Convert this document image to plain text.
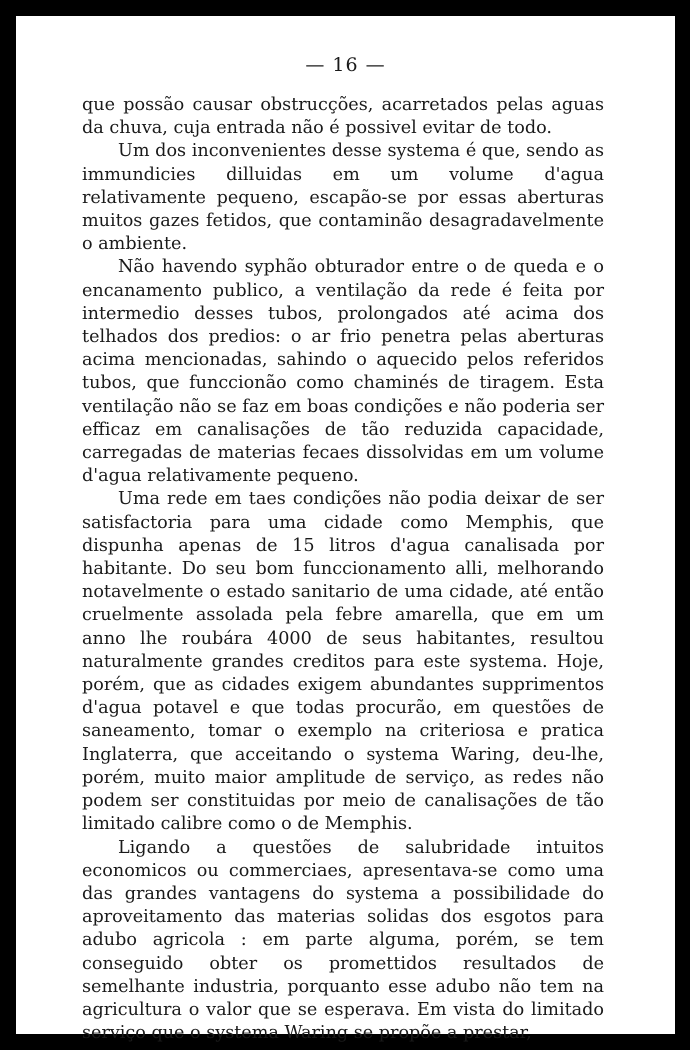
— 16 —

que possão causar obstrucções, acarretados pelas aguas da chuva, cuja entrada não é possivel evitar de todo.

Um dos inconvenientes desse systema é que, sendo as immundicies dilluidas em um volume d'agua relativamente pequeno, escapão-se por essas aberturas muitos gazes fetidos, que contaminão desagradavelmente o ambiente.

Não havendo syphão obturador entre o de queda e o encanamento publico, a ventilação da rede é feita por intermedio desses tubos, prolongados até acima dos telhados dos predios: o ar frio penetra pelas aberturas acima mencionadas, sahindo o aquecido pelos referidos tubos, que funccionão como chaminés de tiragem. Esta ventilação não se faz em boas condições e não poderia ser efficaz em canalisações de tão reduzida capacidade, carregadas de materias fecaes dissolvidas em um volume d'agua relativamente pequeno.

Uma rede em taes condições não podia deixar de ser satisfactoria para uma cidade como Memphis, que dispunha apenas de 15 litros d'agua canalisada por habitante. Do seu bom funccionamento alli, melhorando notavelmente o estado sanitario de uma cidade, até então cruelmente assolada pela febre amarella, que em um anno lhe roubára 4000 de seus habitantes, resultou naturalmente grandes creditos para este systema. Hoje, porém, que as cidades exigem abundantes supprimentos d'agua potavel e que todas procurão, em questões de saneamento, tomar o exemplo na criteriosa e pratica Inglaterra, que acceitando o systema Waring, deu-lhe, porém, muito maior amplitude de serviço, as redes não podem ser constituidas por meio de canalisações de tão limitado calibre como o de Memphis.

Ligando a questões de salubridade intuitos economicos ou commerciaes, apresentava-se como uma das grandes vantagens do systema a possibilidade do aproveitamento das materias solidas dos esgotos para adubo agricola : em parte alguma, porém, se tem conseguido obter os promettidos resultados de semelhante industria, porquanto esse adubo não tem na agricultura o valor que se esperava. Em vista do limitado serviço que o systema Waring se propõe a prestar,
